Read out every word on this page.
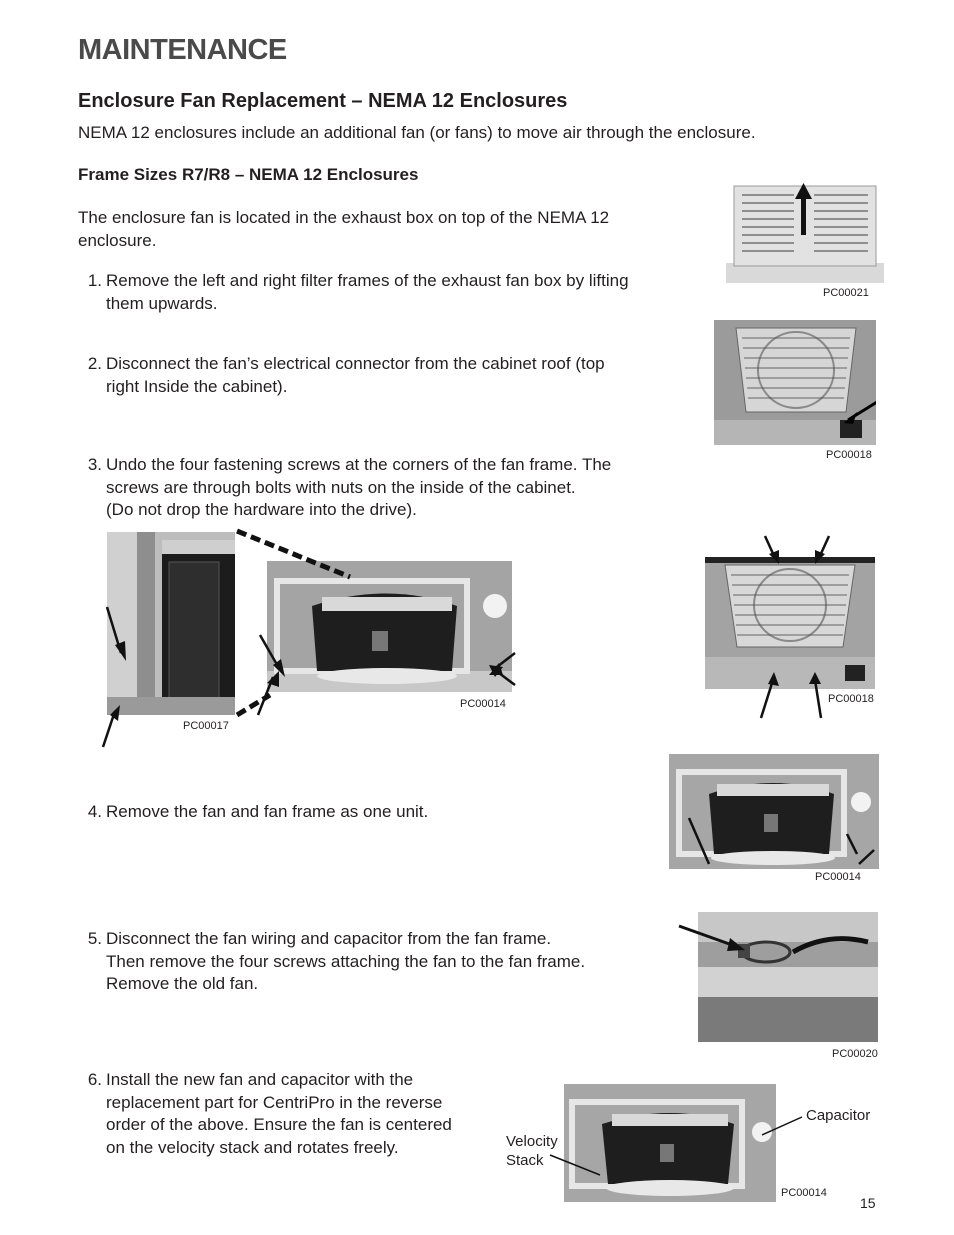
MAINTENANCE
Enclosure Fan Replacement – NEMA 12 Enclosures
NEMA 12 enclosures include an additional fan (or fans) to move air through the enclosure.
Frame Sizes R7/R8 – NEMA 12 Enclosures
The enclosure fan is located in the exhaust box on top of the NEMA 12 enclosure.
1. Remove the left and right filter frames of the exhaust fan box by lifting
them upwards.
2. Disconnect the fan’s electrical connector from the cabinet roof (top
right Inside the cabinet).
3. Undo the four fastening screws at the corners of the fan frame. The
screws are through bolts with nuts on the inside of the cabinet.
(Do not drop the hardware into the drive).
4. Remove the fan and fan frame as one unit.
5. Disconnect the fan wiring and capacitor from the fan frame.
Then remove the four screws attaching the fan to the fan frame.
Remove the old fan.
6. Install the new fan and capacitor with the
replacement part for CentriPro in the reverse
order of the above. Ensure the fan is centered
on the velocity stack and rotates freely.
PC00021
PC00018
PC00017
PC00014	PC00018
PC00014
PC00020
Capacitor
Velocity
Stack
PC00014
15
